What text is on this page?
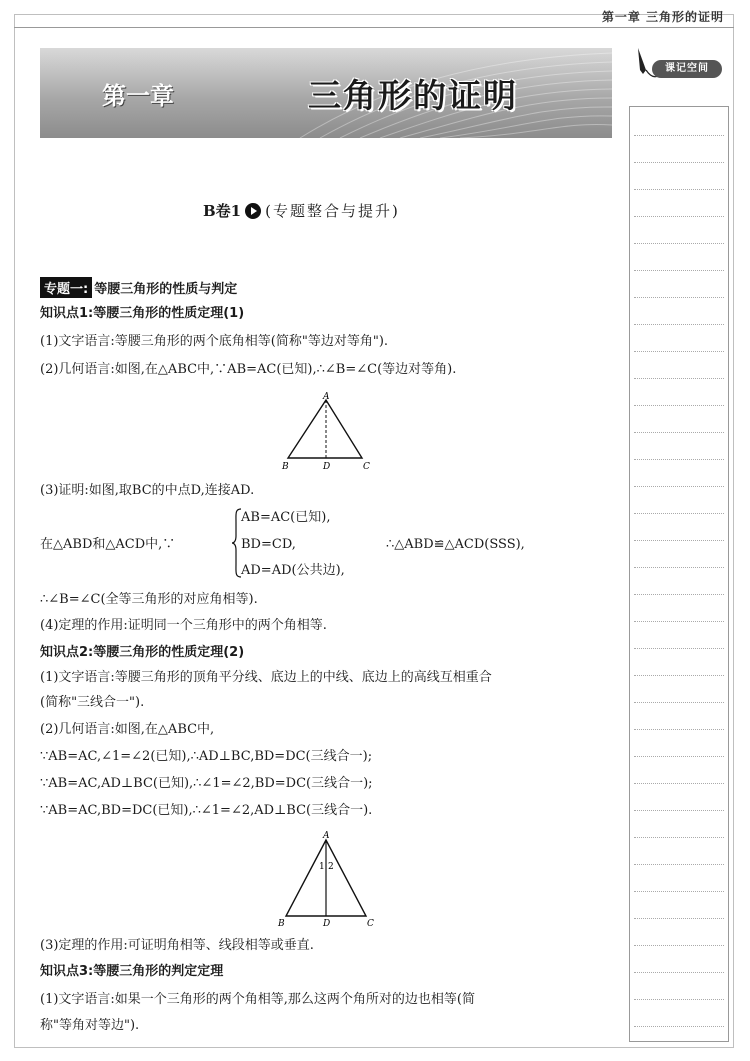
第一章 三角形的证明
第一章	三角形的证明
课记空间
B卷1 (专题整合与提升)
专题一: 等腰三角形的性质与判定
知识点1:等腰三角形的性质定理(1)
(1)文字语言:等腰三角形的两个底角相等(简称"等边对等角").
(2)几何语言:如图,在△ABC中,∵AB=AC(已知),∴∠B=∠C(等边对等角).
A
B	C
D
(3)证明:如图,取BC的中点D,连接AD.
在△ABD和△ACD中,∵
AB=AC(已知),
BD=CD,
AD=AD(公共边),
∴△ABD≌△ACD(SSS),
∴∠B=∠C(全等三角形的对应角相等).
(4)定理的作用:证明同一个三角形中的两个角相等.
知识点2:等腰三角形的性质定理(2)
(1)文字语言:等腰三角形的顶角平分线、底边上的中线、底边上的高线互相重合
(简称"三线合一").
(2)几何语言:如图,在△ABC中,
∵AB=AC,∠1=∠2(已知),∴AD⊥BC,BD=DC(三线合一);
∵AB=AC,AD⊥BC(已知),∴∠1=∠2,BD=DC(三线合一);
∵AB=AC,BD=DC(已知),∴∠1=∠2,AD⊥BC(三线合一).
A
B	C
D
1 2
(3)定理的作用:可证明角相等、线段相等或垂直.
知识点3:等腰三角形的判定定理
(1)文字语言:如果一个三角形的两个角相等,那么这两个角所对的边也相等(简
称"等角对等边").
